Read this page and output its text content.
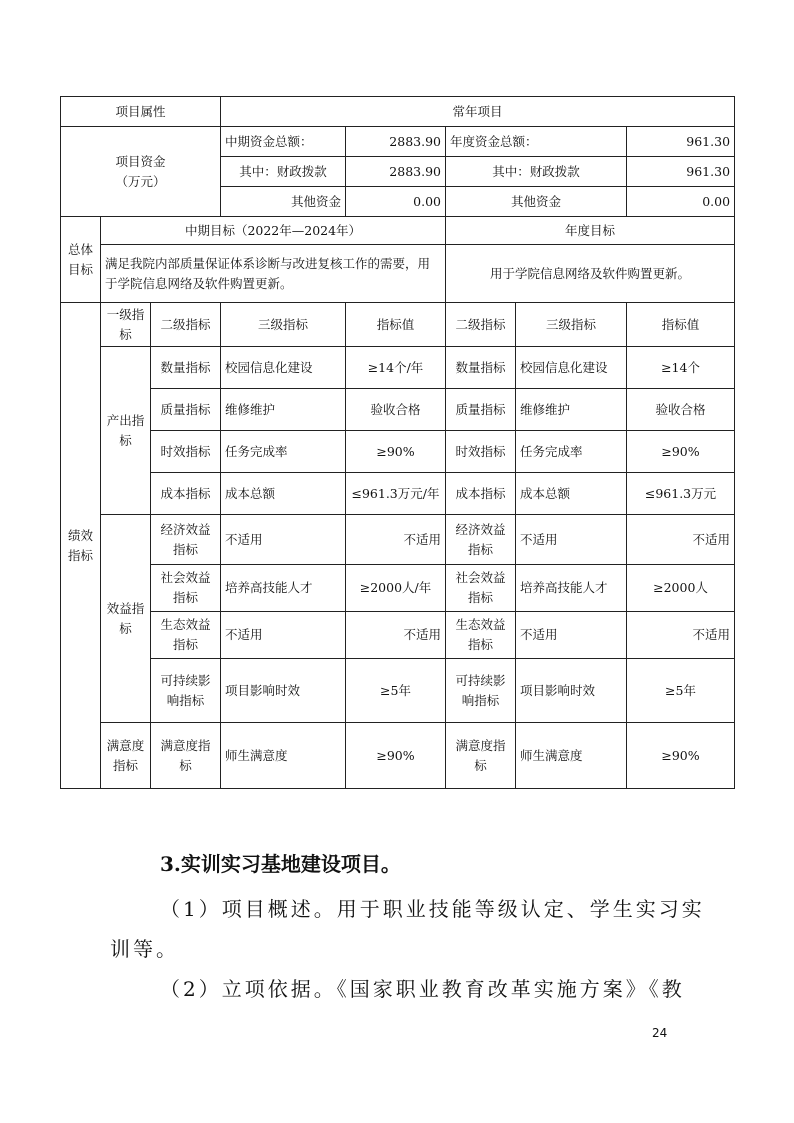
项目属性			常年项目				

项目资金
（万元）			中期资金总额：	2883.90	年度资金总额：		961.30
			其中：财政拨款	2883.90	其中：财政拨款		961.30
			其他资金	0.00	其他资金		0.00
总体目标	中期目标（2022年—2024年）				年度目标		
	满足我院内部质量保证体系诊断与改进复核工作的需要，用于学院信息网络及软件购置更新。				用于学院信息网络及软件购置更新。		
绩效指标	一级指标	二级指标	三级指标	指标值	二级指标	三级指标	指标值
	产出指标	数量指标	校园信息化建设	≥14个/年	数量指标	校园信息化建设	≥14个
		质量指标	维修维护	验收合格	质量指标	维修维护	验收合格
		时效指标	任务完成率	≥90%	时效指标	任务完成率	≥90%
		成本指标	成本总额	≤961.3万元/年	成本指标	成本总额	≤961.3万元
	效益指标	经济效益指标	不适用	不适用	经济效益指标	不适用	不适用
		社会效益指标	培养高技能人才	≥2000人/年	社会效益指标	培养高技能人才	≥2000人
		生态效益指标	不适用	不适用	生态效益指标	不适用	不适用
		可持续影响指标	项目影响时效	≥5年	可持续影响指标	项目影响时效	≥5年
	满意度指标	满意度指标	师生满意度	≥90%	满意度指标	师生满意度	≥90%
3.实训实习基地建设项目。
（1）项目概述。用于职业技能等级认定、学生实习实
训等。
（2）立项依据。《国家职业教育改革实施方案》《教
24
